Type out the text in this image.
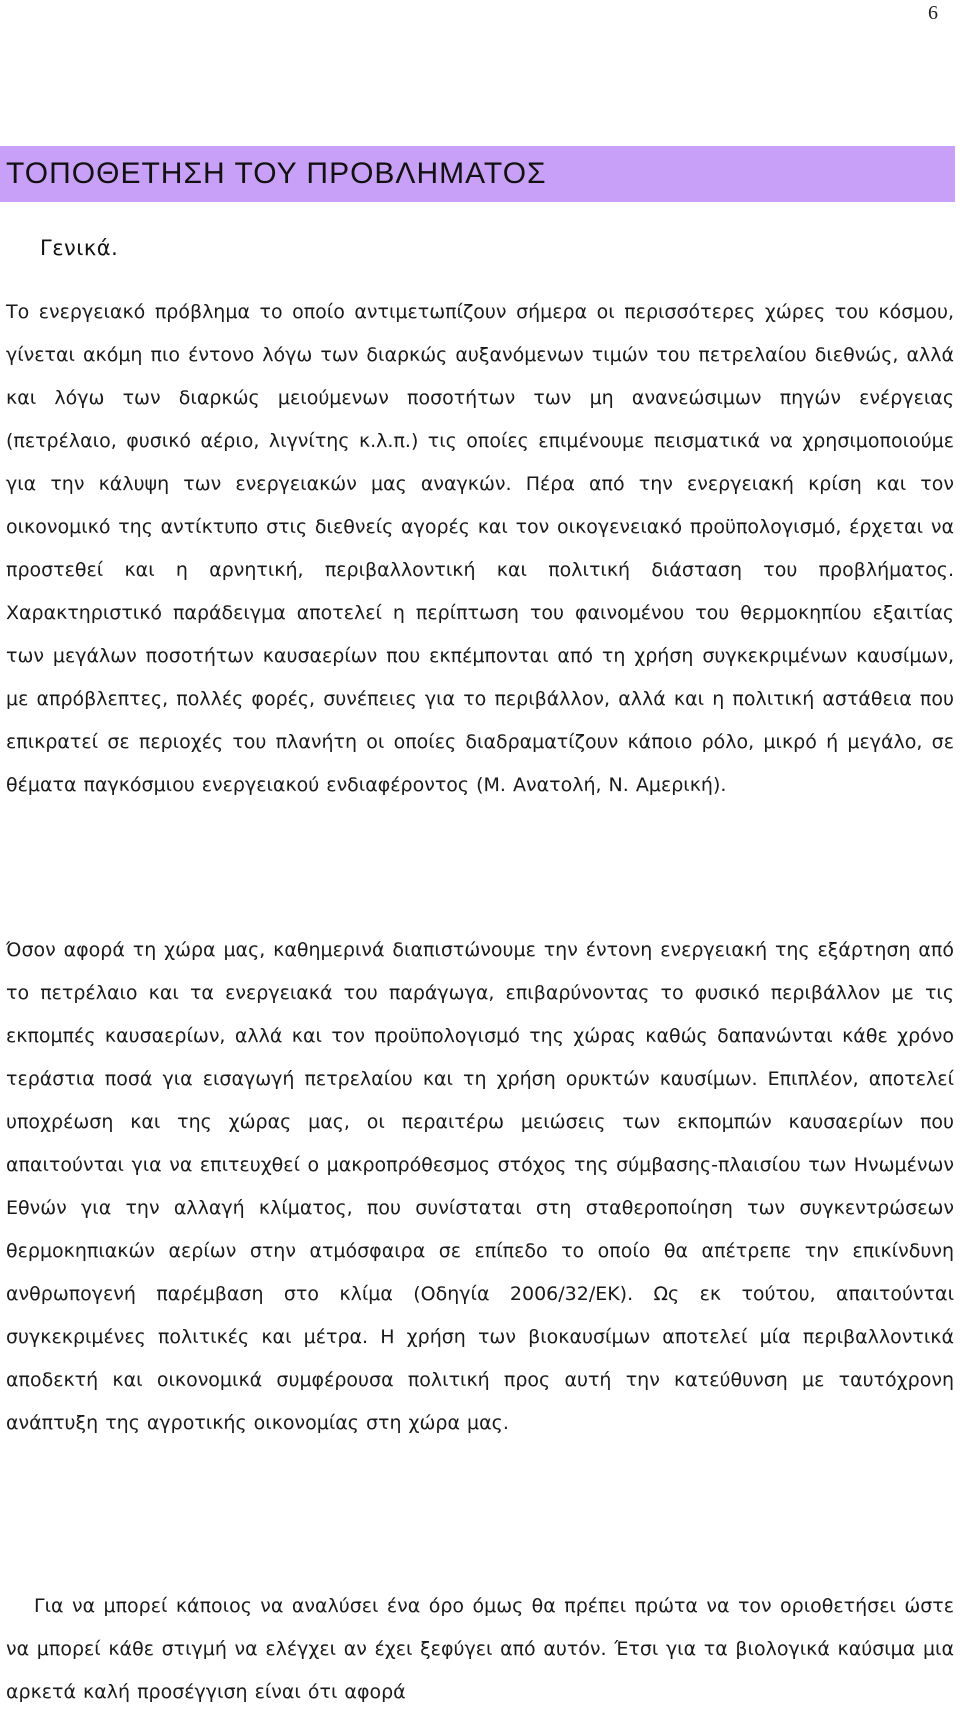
6
ΤΟΠΟΘΕΤΗΣΗ ΤΟΥ ΠΡΟΒΛΗΜΑΤΟΣ
Γενικά.

Το ενεργειακό πρόβλημα το οποίο αντιμετωπίζουν σήμερα οι περισσότερες χώρες του κόσμου, γίνεται ακόμη πιο έντονο λόγω των διαρκώς αυξανόμενων τιμών του πετρελαίου διεθνώς, αλλά και λόγω των διαρκώς μειούμενων ποσοτήτων των μη ανανεώσιμων πηγών ενέργειας (πετρέλαιο, φυσικό αέριο, λιγνίτης κ.λ.π.) τις οποίες επιμένουμε πεισματικά να χρησιμοποιούμε για την κάλυψη των ενεργειακών μας αναγκών. Πέρα από την ενεργειακή κρίση και τον οικονομικό της αντίκτυπο στις διεθνείς αγορές και τον οικογενειακό προϋπολογισμό, έρχεται να προστεθεί και η αρνητική, περιβαλλοντική και πολιτική διάσταση του προβλήματος. Χαρακτηριστικό παράδειγμα αποτελεί η περίπτωση του φαινομένου του θερμοκηπίου εξαιτίας των μεγάλων ποσοτήτων καυσαερίων που εκπέμπονται από τη χρήση συγκεκριμένων καυσίμων, με απρόβλεπτες, πολλές φορές, συνέπειες για το περιβάλλον, αλλά και η πολιτική αστάθεια που επικρατεί σε περιοχές του πλανήτη οι οποίες διαδραματίζουν κάποιο ρόλο, μικρό ή μεγάλο, σε θέματα παγκόσμιου ενεργειακού ενδιαφέροντος (Μ. Ανατολή, Ν. Αμερική).

Όσον αφορά τη χώρα μας, καθημερινά διαπιστώνουμε την έντονη ενεργειακή της εξάρτηση από το πετρέλαιο και τα ενεργειακά του παράγωγα, επιβαρύνοντας το φυσικό περιβάλλον με τις εκπομπές καυσαερίων, αλλά και τον προϋπολογισμό της χώρας καθώς δαπανώνται κάθε χρόνο τεράστια ποσά για εισαγωγή πετρελαίου και τη χρήση ορυκτών καυσίμων. Επιπλέον, αποτελεί υποχρέωση και της χώρας μας, οι περαιτέρω μειώσεις των εκπομπών καυσαερίων που απαιτούνται για να επιτευχθεί ο μακροπρόθεσμος στόχος της σύμβασης-πλαισίου των Ηνωμένων Εθνών για την αλλαγή κλίματος, που συνίσταται στη σταθεροποίηση των συγκεντρώσεων θερμοκηπιακών αερίων στην ατμόσφαιρα σε επίπεδο το οποίο θα απέτρεπε την επικίνδυνη ανθρωπογενή παρέμβαση στο κλίμα (Οδηγία 2006/32/ΕΚ). Ως εκ τούτου, απαιτούνται συγκεκριμένες πολιτικές και μέτρα. Η χρήση των βιοκαυσίμων αποτελεί μία περιβαλλοντικά αποδεκτή και οικονομικά συμφέρουσα πολιτική προς αυτή την κατεύθυνση με ταυτόχρονη ανάπτυξη της αγροτικής οικονομίας στη χώρα μας.

Για να μπορεί κάποιος να αναλύσει ένα όρο όμως θα πρέπει πρώτα να τον οριοθετήσει ώστε να μπορεί κάθε στιγμή να ελέγχει αν έχει ξεφύγει από αυτόν. Έτσι για τα βιολογικά καύσιμα μια αρκετά καλή προσέγγιση είναι ότι αφορά
